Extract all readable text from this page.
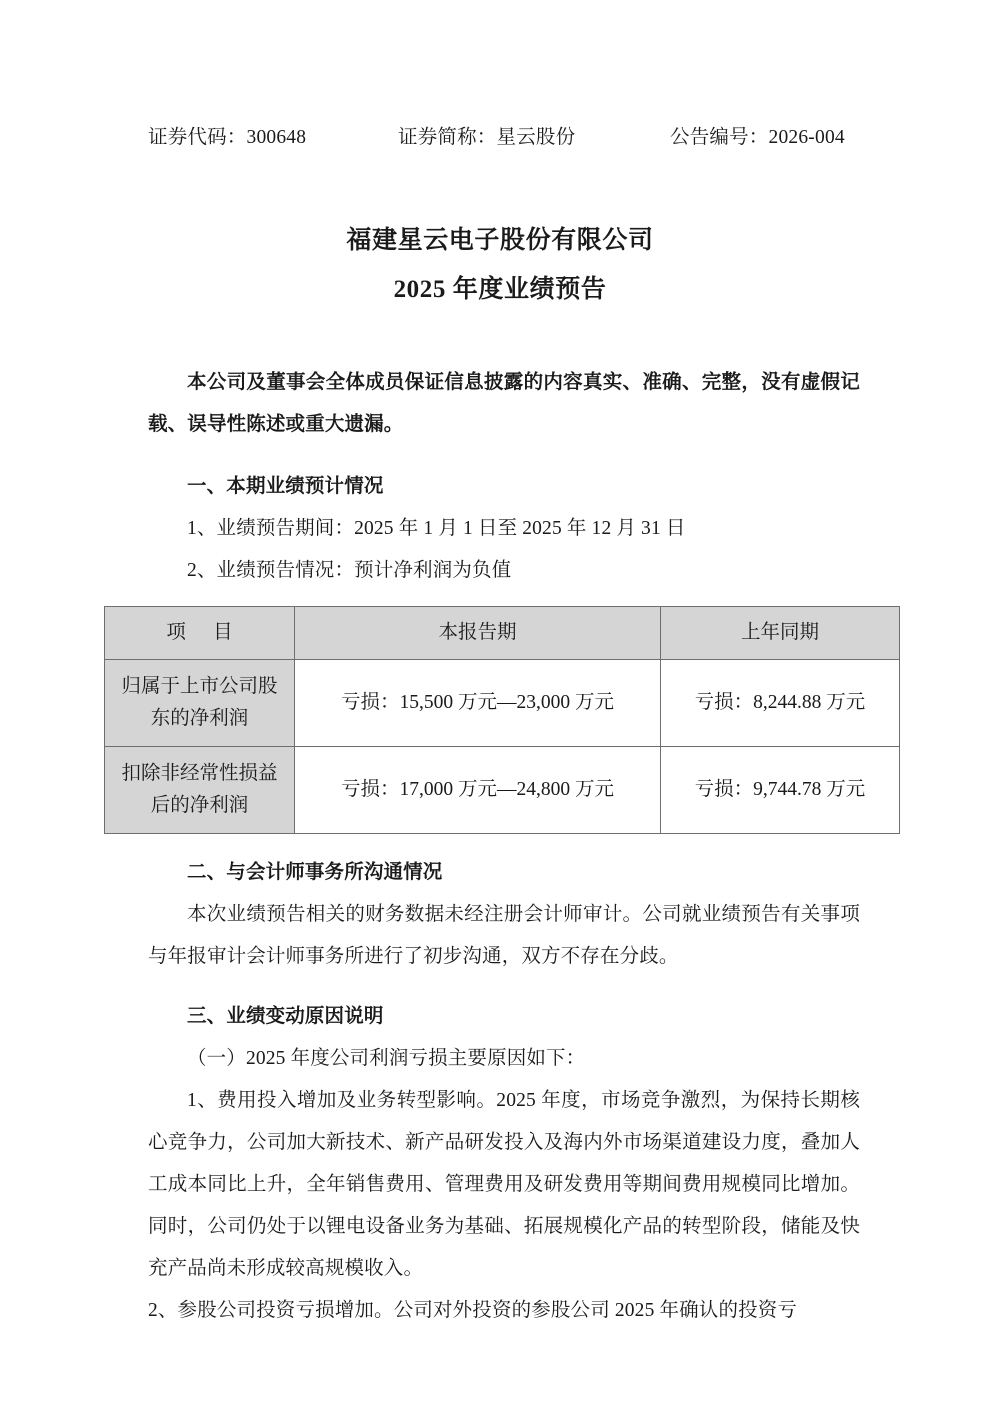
证券代码：300648	证券简称：星云股份	公告编号：2026-004
福建星云电子股份有限公司
2025 年度业绩预告

本公司及董事会全体成员保证信息披露的内容真实、准确、完整，没有虚假记载、误导性陈述或重大遗漏。

一、本期业绩预计情况

1、业绩预告期间：2025 年 1 月 1 日至 2025 年 12 月 31 日

2、业绩预告情况：预计净利润为负值

项 目	本报告期	上年同期

归属于上市公司股
东的净利润	亏损：15,500 万元—23,000 万元	亏损：8,244.88 万元

扣除非经常性损益
后的净利润	亏损：17,000 万元—24,800 万元	亏损：9,744.78 万元

二、与会计师事务所沟通情况

本次业绩预告相关的财务数据未经注册会计师审计。公司就业绩预告有关事项与年报审计会计师事务所进行了初步沟通，双方不存在分歧。

三、业绩变动原因说明

（一）2025 年度公司利润亏损主要原因如下：

1、费用投入增加及业务转型影响。2025 年度，市场竞争激烈，为保持长期核心竞争力，公司加大新技术、新产品研发投入及海内外市场渠道建设力度，叠加人工成本同比上升，全年销售费用、管理费用及研发费用等期间费用规模同比增加。同时，公司仍处于以锂电设备业务为基础、拓展规模化产品的转型阶段，储能及快充产品尚未形成较高规模收入。

2、参股公司投资亏损增加。公司对外投资的参股公司 2025 年确认的投资亏
